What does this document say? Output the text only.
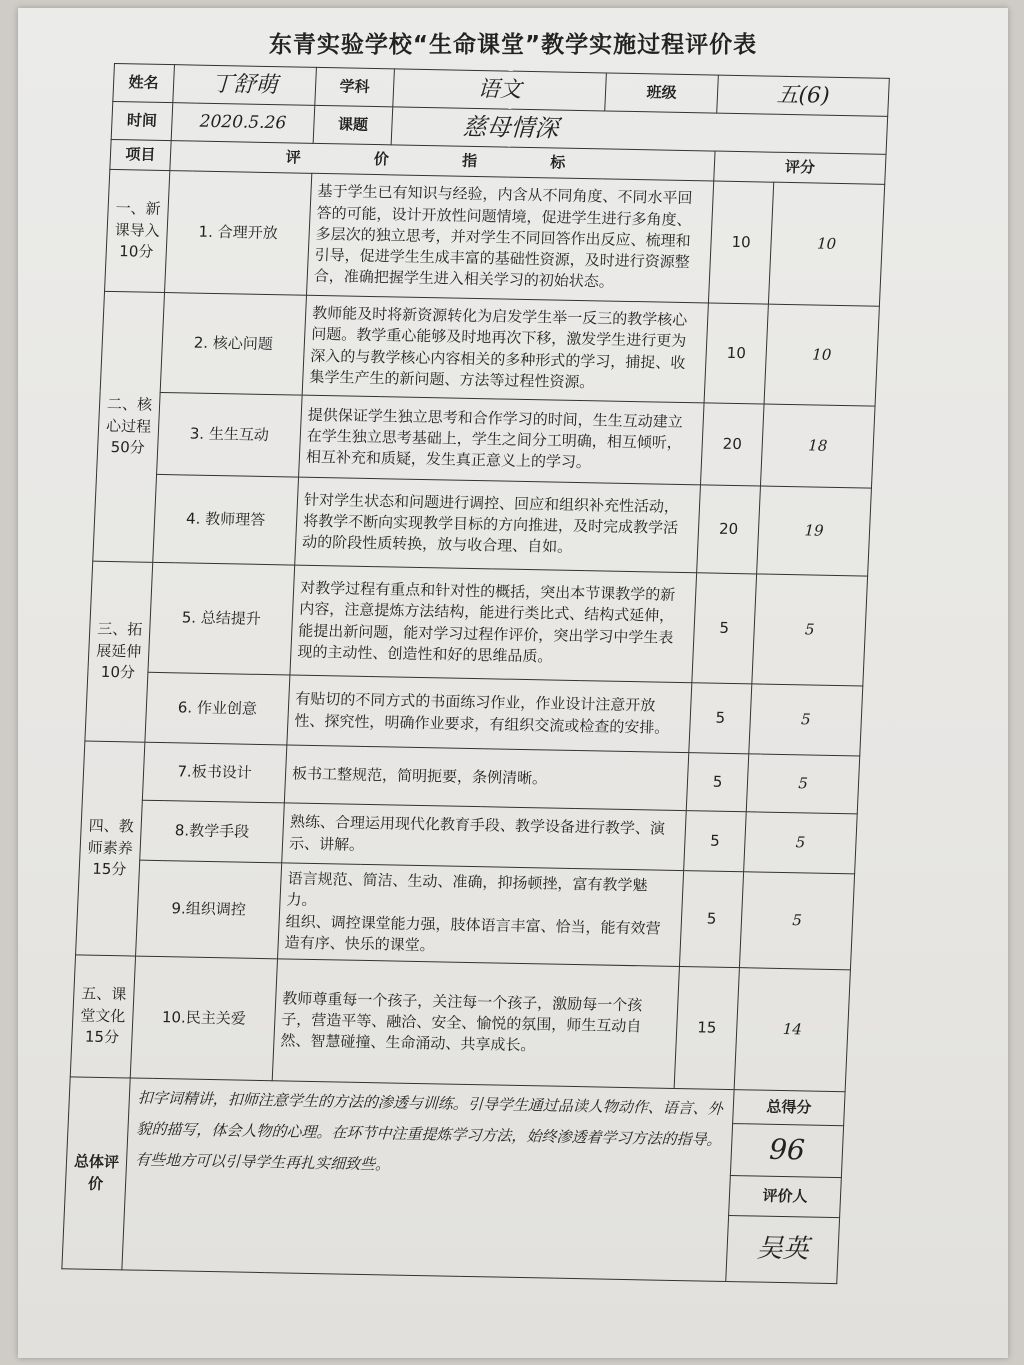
东青实验学校“生命课堂”教学实施过程评价表
姓名	丁舒萌	学科	语文	班级	五(6)	
时间	2020.5.26	课题	慈母情深			
项目	评 价 指 标				评分	
一、新课导入10分	1. 合理开放	基于学生已有知识与经验，内含从不同角度、不同水平回答的可能，设计开放性问题情境，促进学生进行多角度、多层次的独立思考，并对学生不同回答作出反应、梳理和引导，促进学生生成丰富的基础性资源，及时进行资源整合，准确把握学生进入相关学习的初始状态。			10	10
二、核心过程50分	2. 核心问题	教师能及时将新资源转化为启发学生举一反三的教学核心问题。教学重心能够及时地再次下移，激发学生进行更为深入的与教学核心内容相关的多种形式的学习，捕捉、收集学生产生的新问题、方法等过程性资源。			10	10
	3. 生生互动	提供保证学生独立思考和合作学习的时间，生生互动建立在学生独立思考基础上，学生之间分工明确，相互倾听，相互补充和质疑，发生真正意义上的学习。			20	18
	4. 教师理答	针对学生状态和问题进行调控、回应和组织补充性活动，将教学不断向实现教学目标的方向推进，及时完成教学活动的阶段性质转换，放与收合理、自如。			20	19
三、拓展延伸10分	5. 总结提升	对教学过程有重点和针对性的概括，突出本节课教学的新内容，注意提炼方法结构，能进行类比式、结构式延伸，能提出新问题，能对学习过程作评价，突出学习中学生表现的主动性、创造性和好的思维品质。			5	5
	6. 作业创意	有贴切的不同方式的书面练习作业，作业设计注意开放性、探究性，明确作业要求，有组织交流或检查的安排。			5	5
四、教师素养15分	7.板书设计	板书工整规范，简明扼要，条例清晰。			5	5
	8.教学手段	熟练、合理运用现代化教育手段、教学设备进行教学、演示、讲解。			5	5
	9.组织调控	语言规范、简洁、生动、准确，抑扬顿挫，富有教学魅力。
组织、调控课堂能力强，肢体语言丰富、恰当，能有效营造有序、快乐的课堂。			5	5
五、课堂文化15分	10.民主关爱	教师尊重每一个孩子，关注每一个孩子，激励每一个孩子，营造平等、融洽、安全、愉悦的氛围，师生互动自然、智慧碰撞、生命涌动、共享成长。			15	14
总体评价	扣字词精讲，扣师注意学生的方法的渗透与训练。引导学生通过品读人物动作、语言、外貌的描写，体会人物的心理。在环节中注重提炼学习方法，始终渗透着学习方法的指导。有些地方可以引导学生再扎实细致些。					总得分
						96
						评价人
						吴英
